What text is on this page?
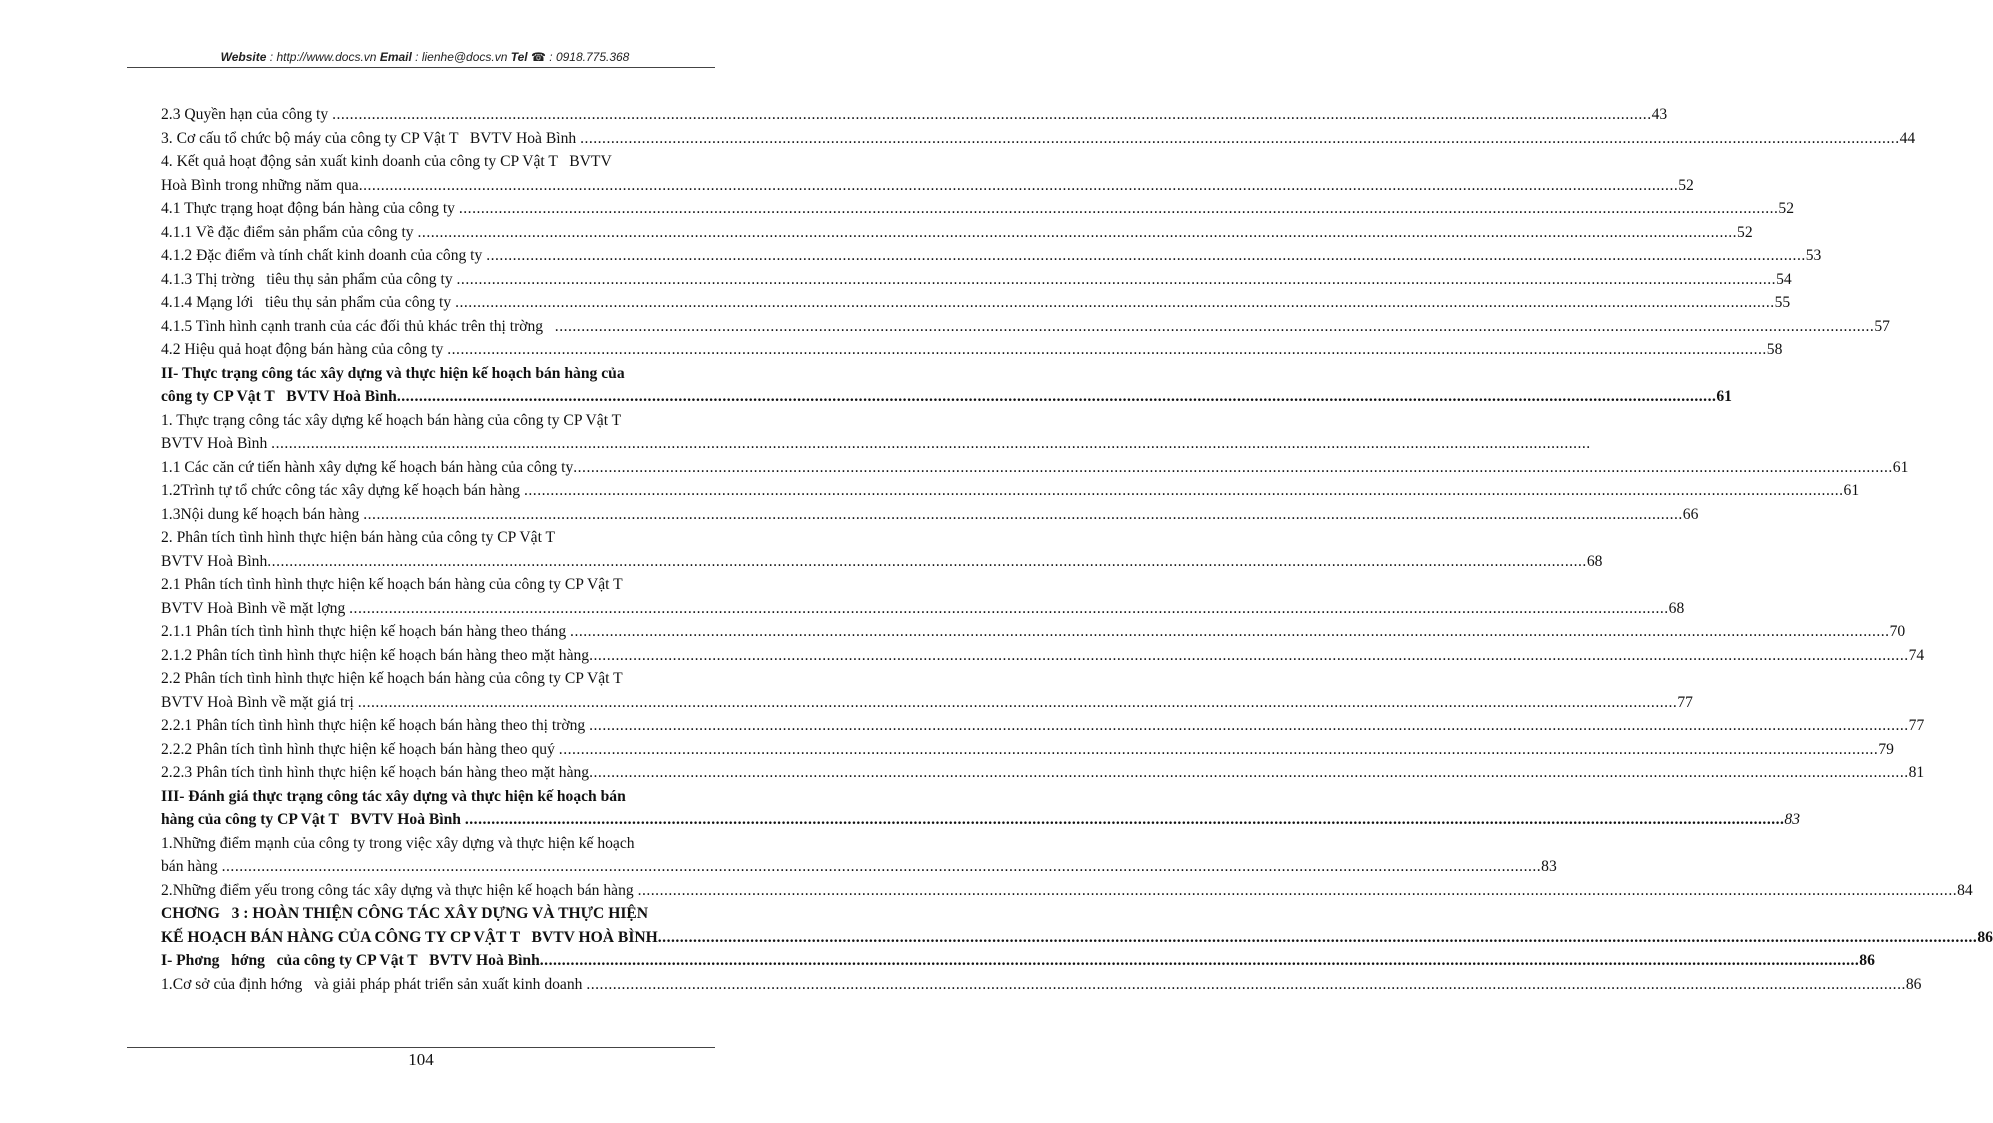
Website : http://www.docs.vn Email : lienhe@docs.vn Tel ☎ : 0918.775.368
2.3 Quyền hạn của công ty ............................................................................................................................................................................................................................................................................................................ 43
3. Cơ cấu tổ chức bộ máy của công ty CP Vật T   BVTV Hoà Bình ............................................................................................................................................................................................................................................................................................................ 44
4. Kết quả hoạt động sản xuất kinh doanh của công ty CP Vật T   BVTV
Hoà Bình trong những năm qua ............................................................................................................................................................................................................................................................................................................ 52
4.1 Thực trạng hoạt động bán hàng của công ty ............................................................................................................................................................................................................................................................................................................ 52
4.1.1 Về đặc điểm sản phẩm của công ty ............................................................................................................................................................................................................................................................................................................ 52
4.1.2 Đặc điểm và tính chất kinh doanh của công ty ............................................................................................................................................................................................................................................................................................................ 53
4.1.3 Thị trờng   tiêu thụ sản phẩm của công ty ............................................................................................................................................................................................................................................................................................................ 54
4.1.4 Mạng lới   tiêu thụ sản phẩm của công ty ............................................................................................................................................................................................................................................................................................................ 55
4.1.5 Tình hình cạnh tranh của các đối thủ khác trên thị trờng ............................................................................................................................................................................................................................................................................................................ 57
4.2 Hiệu quả hoạt động bán hàng của công ty ............................................................................................................................................................................................................................................................................................................ 58
II- Thực trạng công tác xây dựng và thực hiện kế hoạch bán hàng của
công ty CP Vật T   BVTV Hoà Bình ............................................................................................................................................................................................................................................................................................................ 61
1. Thực trạng công tác xây dựng kế hoạch bán hàng của công ty CP Vật T
BVTV Hoà Bình ............................................................................................................................................................................................................................................................................................................
1.1 Các căn cứ tiến hành xây dựng kế hoạch bán hàng của công ty ............................................................................................................................................................................................................................................................................................................ 61
1.2Trình tự tổ chức công tác xây dựng kế hoạch bán hàng ............................................................................................................................................................................................................................................................................................................ 61
1.3Nội dung kế hoạch bán hàng ............................................................................................................................................................................................................................................................................................................ 66
2. Phân tích tình hình thực hiện bán hàng của công ty CP Vật T
BVTV Hoà Bình ............................................................................................................................................................................................................................................................................................................ 68
2.1 Phân tích tình hình thực hiện kế hoạch bán hàng của công ty CP Vật T
BVTV Hoà Bình về mặt lợng ............................................................................................................................................................................................................................................................................................................ 68
2.1.1 Phân tích tình hình thực hiện kế hoạch bán hàng theo tháng ............................................................................................................................................................................................................................................................................................................ 70
2.1.2 Phân tích tình hình thực hiện kế hoạch bán hàng theo mặt hàng ............................................................................................................................................................................................................................................................................................................ 74
2.2 Phân tích tình hình thực hiện kế hoạch bán hàng của công ty CP Vật T
BVTV Hoà Bình về mặt giá trị ............................................................................................................................................................................................................................................................................................................ 77
2.2.1 Phân tích tình hình thực hiện kế hoạch bán hàng theo thị trờng ............................................................................................................................................................................................................................................................................................................ 77
2.2.2 Phân tích tình hình thực hiện kế hoạch bán hàng theo quý ............................................................................................................................................................................................................................................................................................................ 79
2.2.3 Phân tích tình hình thực hiện kế hoạch bán hàng theo mặt hàng ............................................................................................................................................................................................................................................................................................................ 81
III- Đánh giá thực trạng công tác xây dựng và thực hiện kế hoạch bán
hàng của công ty CP Vật T   BVTV Hoà Bình ............................................................................................................................................................................................................................................................................................................ 83
1.Những điểm mạnh của công ty trong việc xây dựng và thực hiện kế hoạch
bán hàng ............................................................................................................................................................................................................................................................................................................ 83
2.Những điểm yếu trong công tác xây dựng và thực hiện kế hoạch bán hàng ............................................................................................................................................................................................................................................................................................................ 84
CHƠNG   3 : HOÀN THIỆN CÔNG TÁC XÂY DỰNG VÀ THỰC HIỆN
KẾ HOẠCH BÁN HÀNG CỦA CÔNG TY CP VẬT T   BVTV HOÀ BÌNH ............................................................................................................................................................................................................................................................................................................ 86
I- Phơng   hớng   của công ty CP Vật T   BVTV Hoà Bình ............................................................................................................................................................................................................................................................................................................ 86
1.Cơ sở của định hớng   và giải pháp phát triển sản xuất kinh doanh ............................................................................................................................................................................................................................................................................................................ 86
104
